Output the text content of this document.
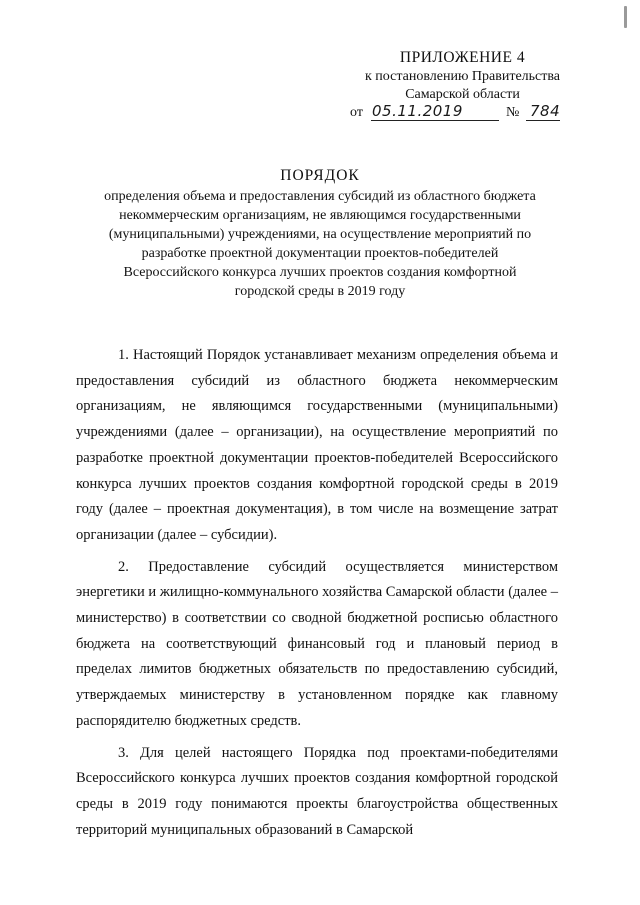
ПРИЛОЖЕНИЕ 4
к постановлению Правительства
Самарской области
от 05.11.2019	№ 784
ПОРЯДОК
определения объема и предоставления субсидий из областного бюджета
некоммерческим организациям, не являющимся государственными
(муниципальными) учреждениями, на осуществление мероприятий по
разработке проектной документации проектов-победителей
Всероссийского конкурса лучших проектов создания комфортной
городской среды в 2019 году

1. Настоящий Порядок устанавливает механизм определения объема и предоставления субсидий из областного бюджета некоммерческим организациям, не являющимся государственными (муниципальными) учреждениями (далее – организации), на осуществление мероприятий по разработке проектной документации проектов-победителей Всероссийского конкурса лучших проектов создания комфортной городской среды в 2019 году (далее – проектная документация), в том числе на возмещение затрат организации (далее – субсидии).

2. Предоставление субсидий осуществляется министерством энергетики и жилищно-коммунального хозяйства Самарской области (далее – министерство) в соответствии со сводной бюджетной росписью областного бюджета на соответствующий финансовый год и плановый период в пределах лимитов бюджетных обязательств по предоставлению субсидий, утверждаемых министерству в установленном порядке как главному распорядителю бюджетных средств.

3. Для целей настоящего Порядка под проектами-победителями Всероссийского конкурса лучших проектов создания комфортной городской среды в 2019 году понимаются проекты благоустройства общественных территорий муниципальных образований в Самарской
